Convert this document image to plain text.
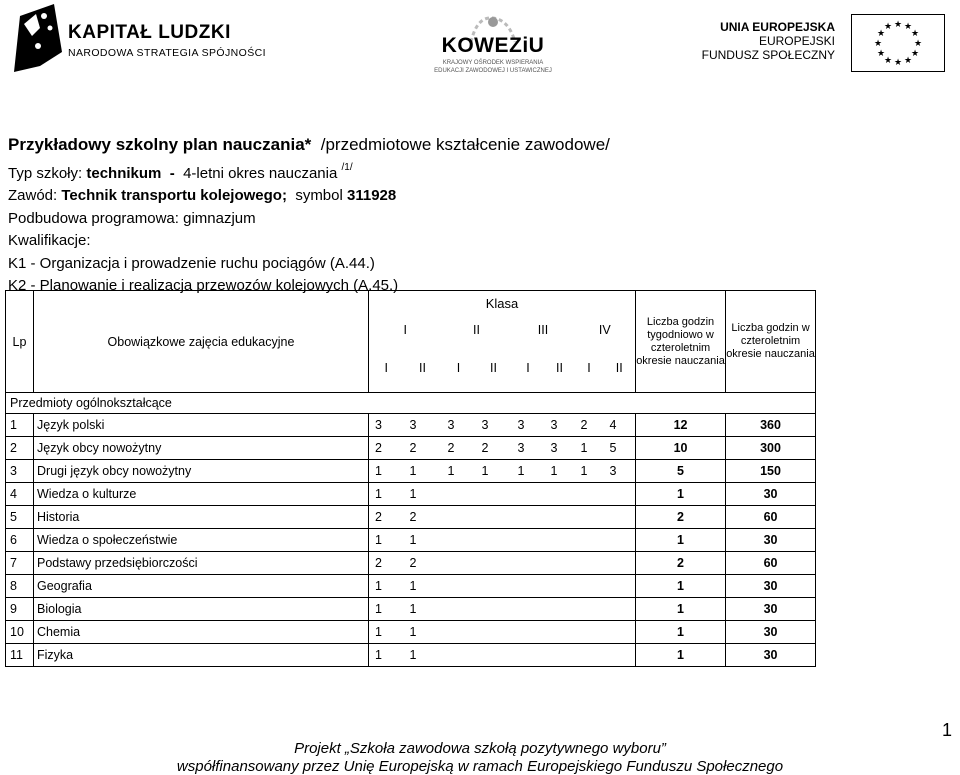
KAPITAŁ LUDZKI
NARODOWA STRATEGIA SPÓJNOŚCI	KOWEZiU
KRAJOWY OŚRODEK WSPIERANIA
EDUKACJI ZAWODOWEJ I USTAWICZNEJ
UNIA EUROPEJSKA
EUROPEJSKI
FUNDUSZ SPOŁECZNY
★ ★
★
★
★
★
★
★
★
★
★
★
Przykładowy szkolny plan nauczania* /przedmiotowe kształcenie zawodowe/
Typ szkoły: technikum - 4-letni okres nauczania $^{/1/}$
Zawód: Technik transportu kolejowego; symbol 311928
Podbudowa programowa: gimnazjum
Kwalifikacje:
K1 - Organizacja i prowadzenie ruchu pociągów (A.44.)
K2 - Planowanie i realizacja przewozów kolejowych (A.45.)
Lp	Obowiązkowe zajęcia edukacyjne	Klasa								Liczba godzin tygodniowo w czteroletnim okresie nauczania	Liczba godzin w czteroletnim okresie nauczania
		I		II		III		IV			
		I	II	I	II	I	II	I	II		
Przedmioty ogólnokształcące											
1	Język polski	3	3	3	3	3	3	2	4	12	360
2	Język obcy nowożytny	2	2	2	2	3	3	1	5	10	300
3	Drugi język obcy nowożytny	1	1	1	1	1	1	1	3	5	150
4	Wiedza o kulturze	1	1							1	30
5	Historia	2	2							2	60
6	Wiedza o społeczeństwie	1	1							1	30
7	Podstawy przedsiębiorczości	2	2							2	60
8	Geografia	1	1							1	30
9	Biologia	1	1							1	30
10	Chemia	1	1							1	30
11	Fizyka	1	1							1	30
1
Projekt „Szkoła zawodowa szkołą pozytywnego wyboru”
współfinansowany przez Unię Europejską w ramach Europejskiego Funduszu Społecznego
